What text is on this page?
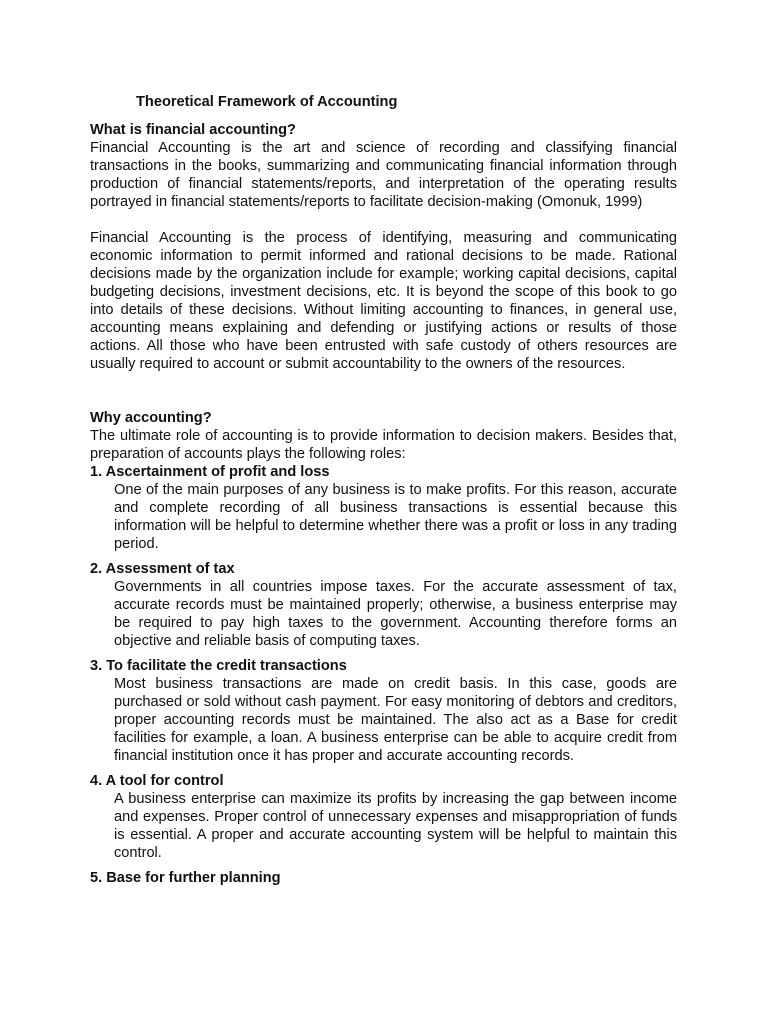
Theoretical Framework of Accounting
What is financial accounting?

Financial Accounting is the art and science of recording and classifying financial transactions in the books, summarizing and communicating financial information through production of financial statements/reports, and interpretation of the operating results portrayed in financial statements/reports to facilitate decision-making (Omonuk, 1999)

Financial Accounting is the process of identifying, measuring and communicating economic information to permit informed and rational decisions to be made. Rational decisions made by the organization include for example; working capital decisions, capital budgeting decisions, investment decisions, etc. It is beyond the scope of this book to go into details of these decisions. Without limiting accounting to finances, in general use, accounting means explaining and defending or justifying actions or results of those actions. All those who have been entrusted with safe custody of others resources are usually required to account or submit accountability to the owners of the resources.

Why accounting?

The ultimate role of accounting is to provide information to decision makers. Besides that, preparation of accounts plays the following roles:

1. Ascertainment of profit and loss

One of the main purposes of any business is to make profits. For this reason, accurate and complete recording of all business transactions is essential because this information will be helpful to determine whether there was a profit or loss in any trading period.

2. Assessment of tax

Governments in all countries impose taxes. For the accurate assessment of tax, accurate records must be maintained properly; otherwise, a business enterprise may be required to pay high taxes to the government. Accounting therefore forms an objective and reliable basis of computing taxes.

3. To facilitate the credit transactions

Most business transactions are made on credit basis. In this case, goods are purchased or sold without cash payment. For easy monitoring of debtors and creditors, proper accounting records must be maintained. The also act as a Base for credit facilities for example, a loan. A business enterprise can be able to acquire credit from financial institution once it has proper and accurate accounting records.

4. A tool for control

A business enterprise can maximize its profits by increasing the gap between income and expenses. Proper control of unnecessary expenses and misappropriation of funds is essential. A proper and accurate accounting system will be helpful to maintain this control.

5. Base for further planning
